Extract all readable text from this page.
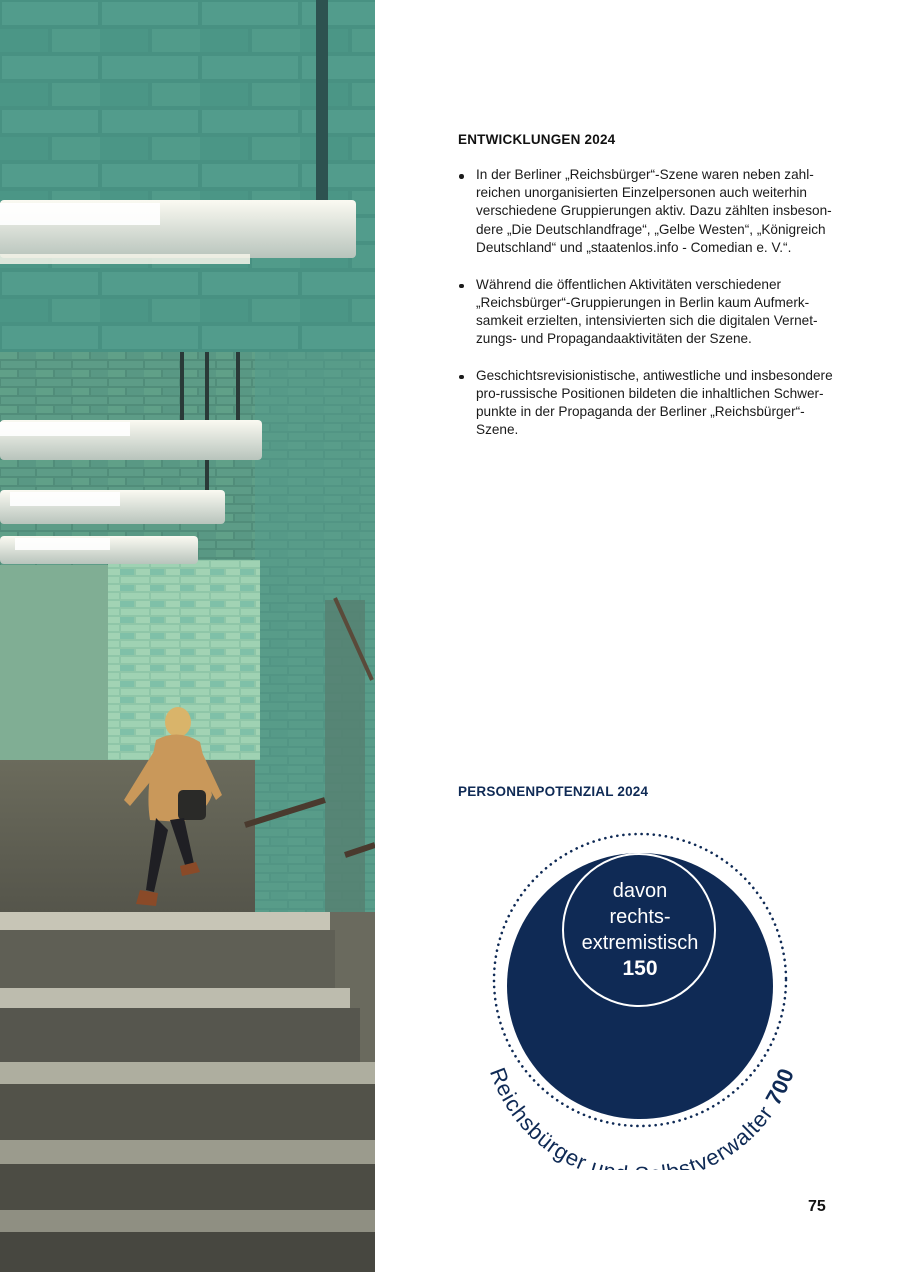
ENTWICKLUNGEN 2024
In der Berliner „Reichsbürger“-Szene waren neben zahl-reichen unorganisierten Einzelpersonen auch weiterhin verschiedene Gruppierungen aktiv. Dazu zählten insbeson-dere „Die Deutschlandfrage“, „Gelbe Westen“, „Königreich Deutschland“ und „staatenlos.info - Comedian e. V.“.
Während die öffentlichen Aktivitäten verschiedener „Reichsbürger“-Gruppierungen in Berlin kaum Aufmerk-samkeit erzielten, intensivierten sich die digitalen Vernet-zungs- und Propagandaaktivitäten der Szene.
Geschichtsrevisionistische, antiwestliche und insbesondere pro-russische Positionen bildeten die inhaltlichen Schwer-punkte in der Propaganda der Berliner „Reichsbürger“-Szene.
PERSONENPOTENZIAL 2024
davon
rechts-
extremistisch
150
Reichsbürger u stverwalter 700
75
